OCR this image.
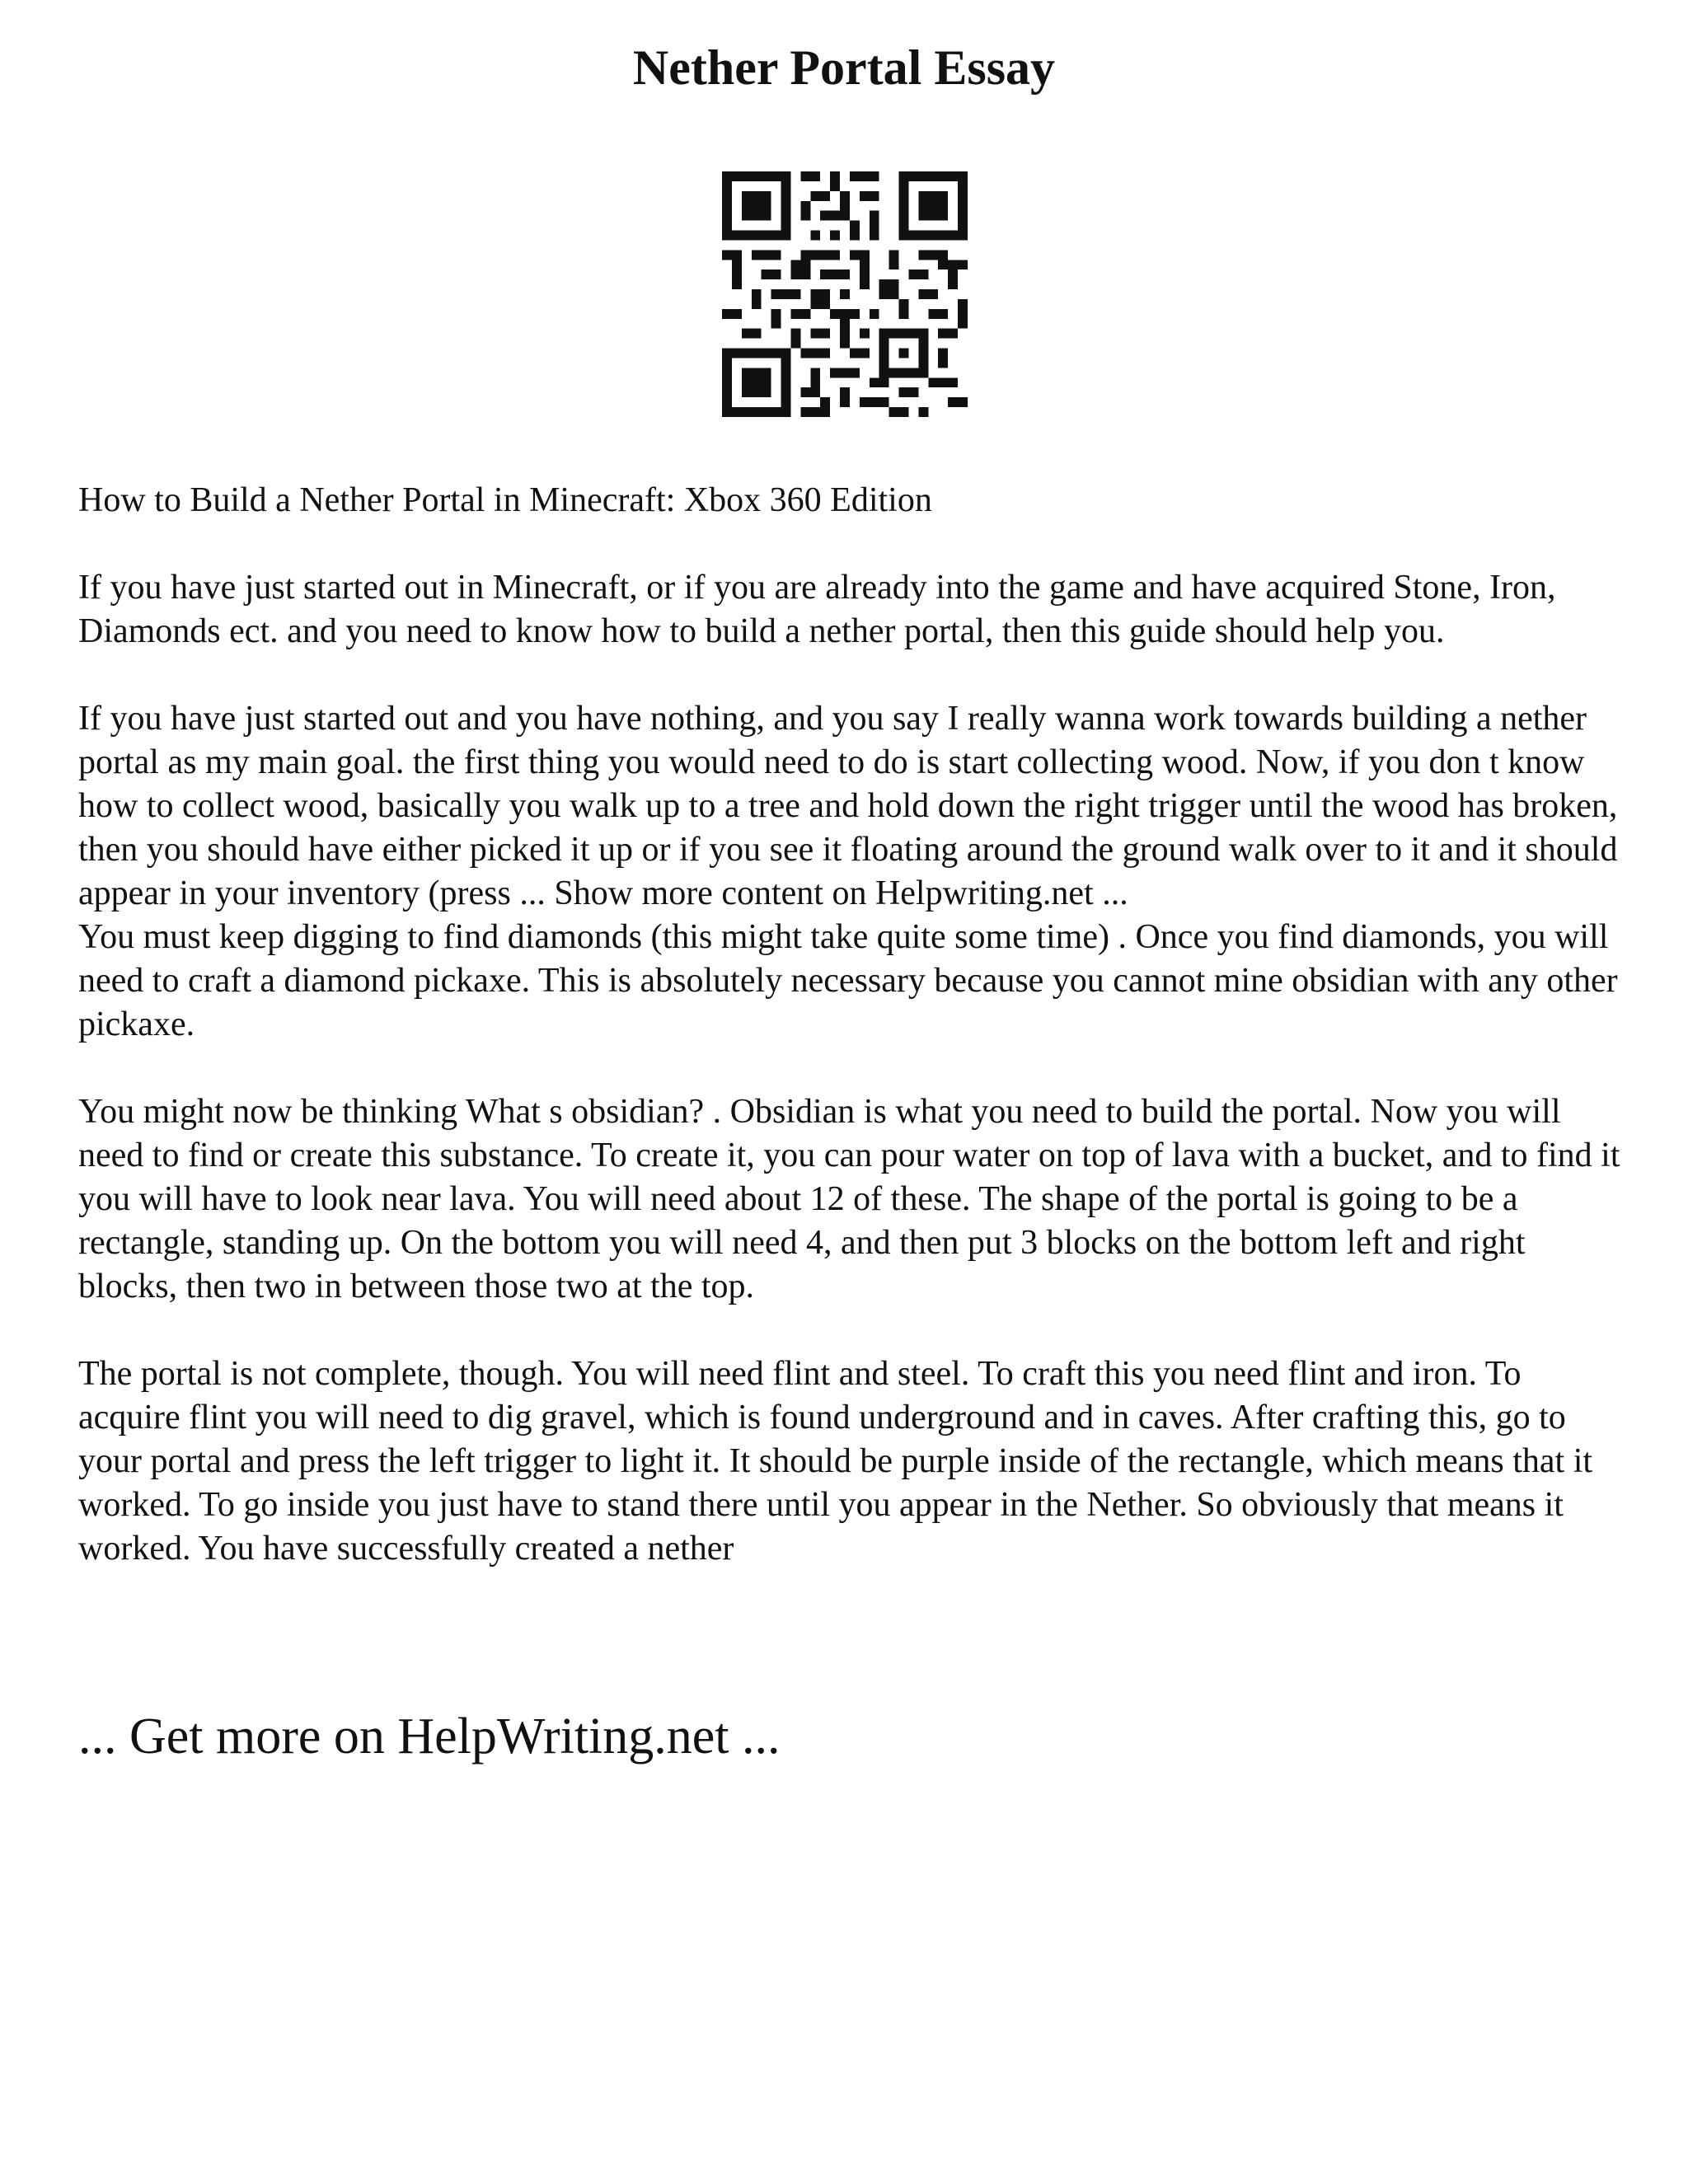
Nether Portal Essay

How to Build a Nether Portal in Minecraft: Xbox 360 Edition

If you have just started out in Minecraft, or if you are already into the game and have acquired Stone, Iron, Diamonds ect. and you need to know how to build a nether portal, then this guide should help you.

If you have just started out and you have nothing, and you say I really wanna work towards building a nether portal as my main goal. the first thing you would need to do is start collecting wood. Now, if you don t know how to collect wood, basically you walk up to a tree and hold down the right trigger until the wood has broken, then you should have either picked it up or if you see it floating around the ground walk over to it and it should appear in your inventory (press ... Show more content on Helpwriting.net ...

You must keep digging to find diamonds (this might take quite some time) . Once you find diamonds, you will need to craft a diamond pickaxe. This is absolutely necessary because you cannot mine obsidian with any other pickaxe.

You might now be thinking What s obsidian? . Obsidian is what you need to build the portal. Now you will need to find or create this substance. To create it, you can pour water on top of lava with a bucket, and to find it you will have to look near lava. You will need about 12 of these. The shape of the portal is going to be a rectangle, standing up. On the bottom you will need 4, and then put 3 blocks on the bottom left and right blocks, then two in between those two at the top.

The portal is not complete, though. You will need flint and steel. To craft this you need flint and iron. To acquire flint you will need to dig gravel, which is found underground and in caves. After crafting this, go to your portal and press the left trigger to light it. It should be purple inside of the rectangle, which means that it worked. To go inside you just have to stand there until you appear in the Nether. So obviously that means it worked. You have successfully created a nether

... Get more on HelpWriting.net ...
